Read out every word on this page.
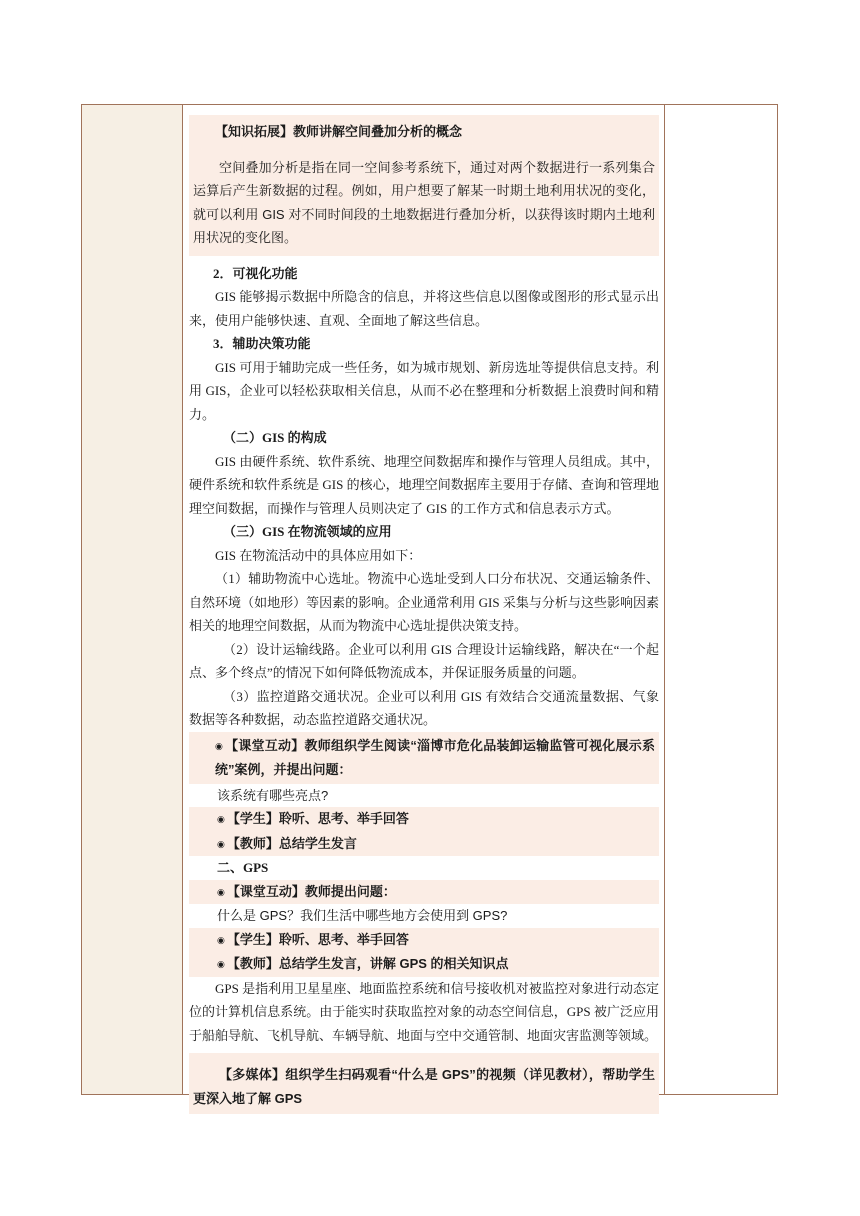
【知识拓展】教师讲解空间叠加分析的概念

空间叠加分析是指在同一空间参考系统下，通过对两个数据进行一系列集合运算后产生新数据的过程。例如，用户想要了解某一时期土地利用状况的变化，就可以利用 GIS 对不同时间段的土地数据进行叠加分析，以获得该时期内土地利用状况的变化图。

2．可视化功能

GIS 能够揭示数据中所隐含的信息，并将这些信息以图像或图形的形式显示出来，使用户能够快速、直观、全面地了解这些信息。

3．辅助决策功能

GIS 可用于辅助完成一些任务，如为城市规划、新房选址等提供信息支持。利用 GIS，企业可以轻松获取相关信息，从而不必在整理和分析数据上浪费时间和精力。

（二）GIS 的构成

GIS 由硬件系统、软件系统、地理空间数据库和操作与管理人员组成。其中，硬件系统和软件系统是 GIS 的核心，地理空间数据库主要用于存储、查询和管理地理空间数据，而操作与管理人员则决定了 GIS 的工作方式和信息表示方式。

（三）GIS 在物流领域的应用

GIS 在物流活动中的具体应用如下：

（1）辅助物流中心选址。物流中心选址受到人口分布状况、交通运输条件、自然环境（如地形）等因素的影响。企业通常利用 GIS 采集与分析与这些影响因素相关的地理空间数据，从而为物流中心选址提供决策支持。

（2）设计运输线路。企业可以利用 GIS 合理设计运输线路，解决在“一个起点、多个终点”的情况下如何降低物流成本，并保证服务质量的问题。

（3）监控道路交通状况。企业可以利用 GIS 有效结合交通流量数据、气象数据等各种数据，动态监控道路交通状况。

◉ 【课堂互动】教师组织学生阅读“淄博市危化品装卸运输监管可视化展示系统”案例，并提出问题：

该系统有哪些亮点?

◉ 【学生】聆听、思考、举手回答

◉ 【教师】总结学生发言

二、GPS

◉ 【课堂互动】教师提出问题：

什么是 GPS？我们生活中哪些地方会使用到 GPS?

◉ 【学生】聆听、思考、举手回答

◉ 【教师】总结学生发言，讲解 GPS 的相关知识点

GPS 是指利用卫星星座、地面监控系统和信号接收机对被监控对象进行动态定位的计算机信息系统。由于能实时获取监控对象的动态空间信息，GPS 被广泛应用于船舶导航、飞机导航、车辆导航、地面与空中交通管制、地面灾害监测等领域。

【多媒体】组织学生扫码观看“什么是 GPS”的视频（详见教材），帮助学生更深入地了解 GPS
